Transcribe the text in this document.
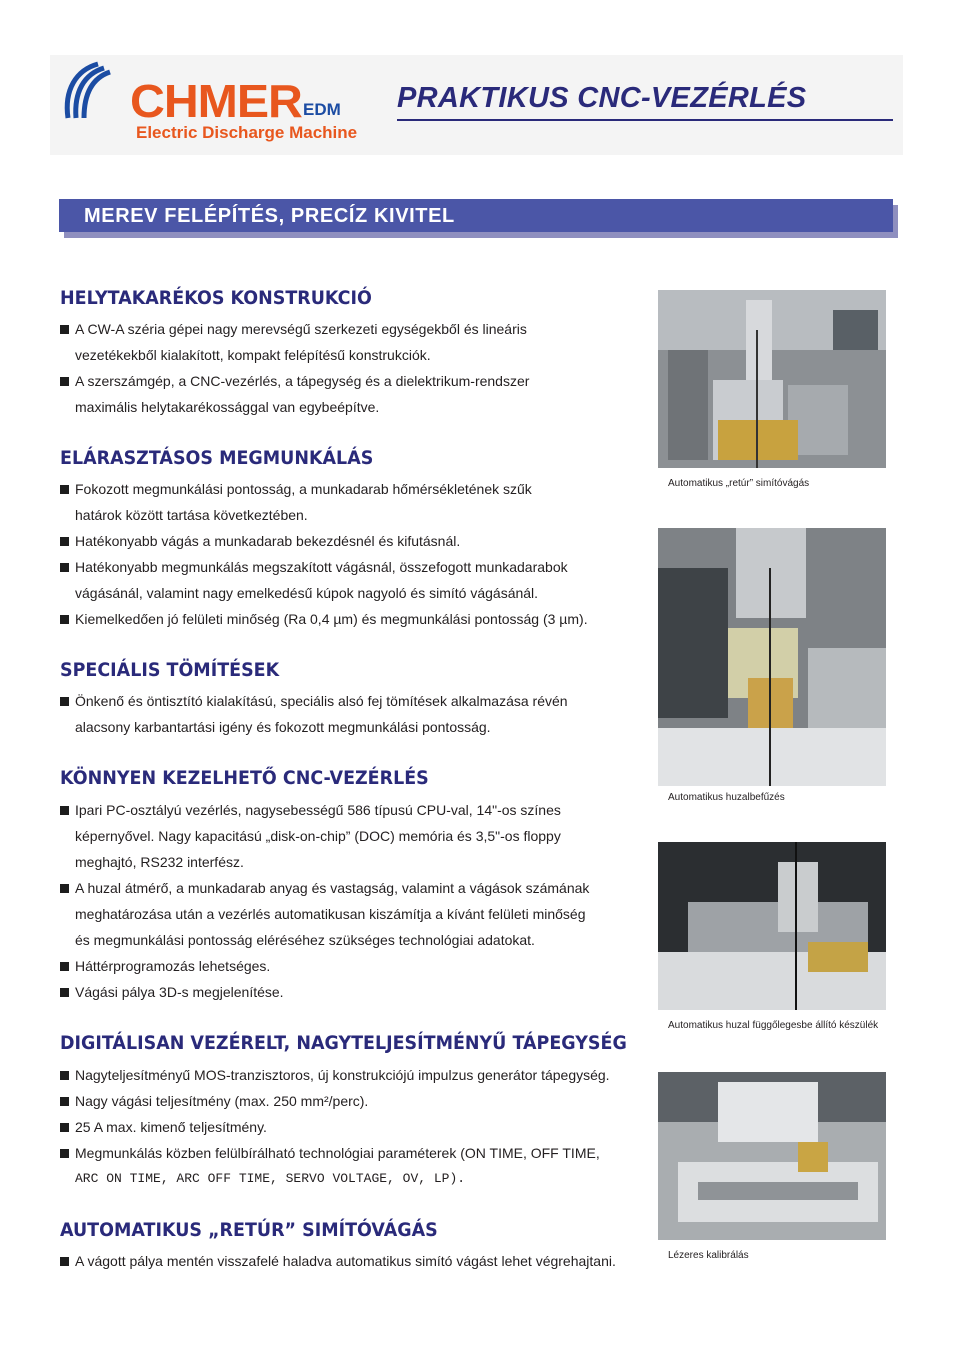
CHMER EDM
Electric Discharge Machine
PRAKTIKUS CNC-VEZÉRLÉS
MEREV FELÉPÍTÉS, PRECÍZ KIVITEL
HELYTAKARÉKOS KONSTRUKCIÓ
A CW-A széria gépei nagy merevségű szerkezeti egységekből és lineáris
vezetékekből kialakított, kompakt felépítésű konstrukciók.
A szerszámgép, a CNC-vezérlés, a tápegység és a dielektrikum-rendszer
maximális helytakarékossággal van egybeépítve.
ELÁRASZTÁSOS MEGMUNKÁLÁS
Fokozott megmunkálási pontosság, a munkadarab hőmérsékletének szűk
határok között tartása következtében.
Hatékonyabb vágás a munkadarab bekezdésnél és kifutásnál.
Hatékonyabb megmunkálás megszakított vágásnál, összefogott munkadarabok
vágásánál, valamint nagy emelkedésű kúpok nagyoló és simító vágásánál.
Kiemelkedően jó felületi minőség (Ra 0,4 µm) és megmunkálási pontosság (3 µm).
SPECIÁLIS TÖMÍTÉSEK
Önkenő és öntisztító kialakítású, speciális alsó fej tömítések alkalmazása révén
alacsony karbantartási igény és fokozott megmunkálási pontosság.
KÖNNYEN KEZELHETŐ CNC-VEZÉRLÉS
Ipari PC-osztályú vezérlés, nagysebességű 586 típusú CPU-val, 14"-os színes
képernyővel. Nagy kapacitású „disk-on-chip” (DOC) memória és 3,5"-os floppy
meghajtó, RS232 interfész.
A huzal átmérő, a munkadarab anyag és vastagság, valamint a vágások számának
meghatározása után a vezérlés automatikusan kiszámítja a kívánt felületi minőség
és megmunkálási pontosság eléréséhez szükséges technológiai adatokat.
Háttérprogramozás lehetséges.
Vágási pálya 3D-s megjelenítése.
DIGITÁLISAN VEZÉRELT, NAGYTELJESÍTMÉNYŰ TÁPEGYSÉG
Nagyteljesítményű MOS-tranzisztoros, új konstrukciójú impulzus generátor tápegység.
Nagy vágási teljesítmény (max. 250 mm²/perc).
25 A max. kimenő teljesítmény.
Megmunkálás közben felülbírálható technológiai paraméterek (ON TIME, OFF TIME,
ARC ON TIME, ARC OFF TIME, SERVO VOLTAGE, OV, LP).
AUTOMATIKUS „RETÚR” SIMÍTÓVÁGÁS
A vágott pálya mentén visszafelé haladva automatikus simító vágást lehet végrehajtani.
Automatikus „retúr” simítóvágás
Automatikus huzalbefűzés
Automatikus huzal függőlegesbe állító készülék
Lézeres kalibrálás
